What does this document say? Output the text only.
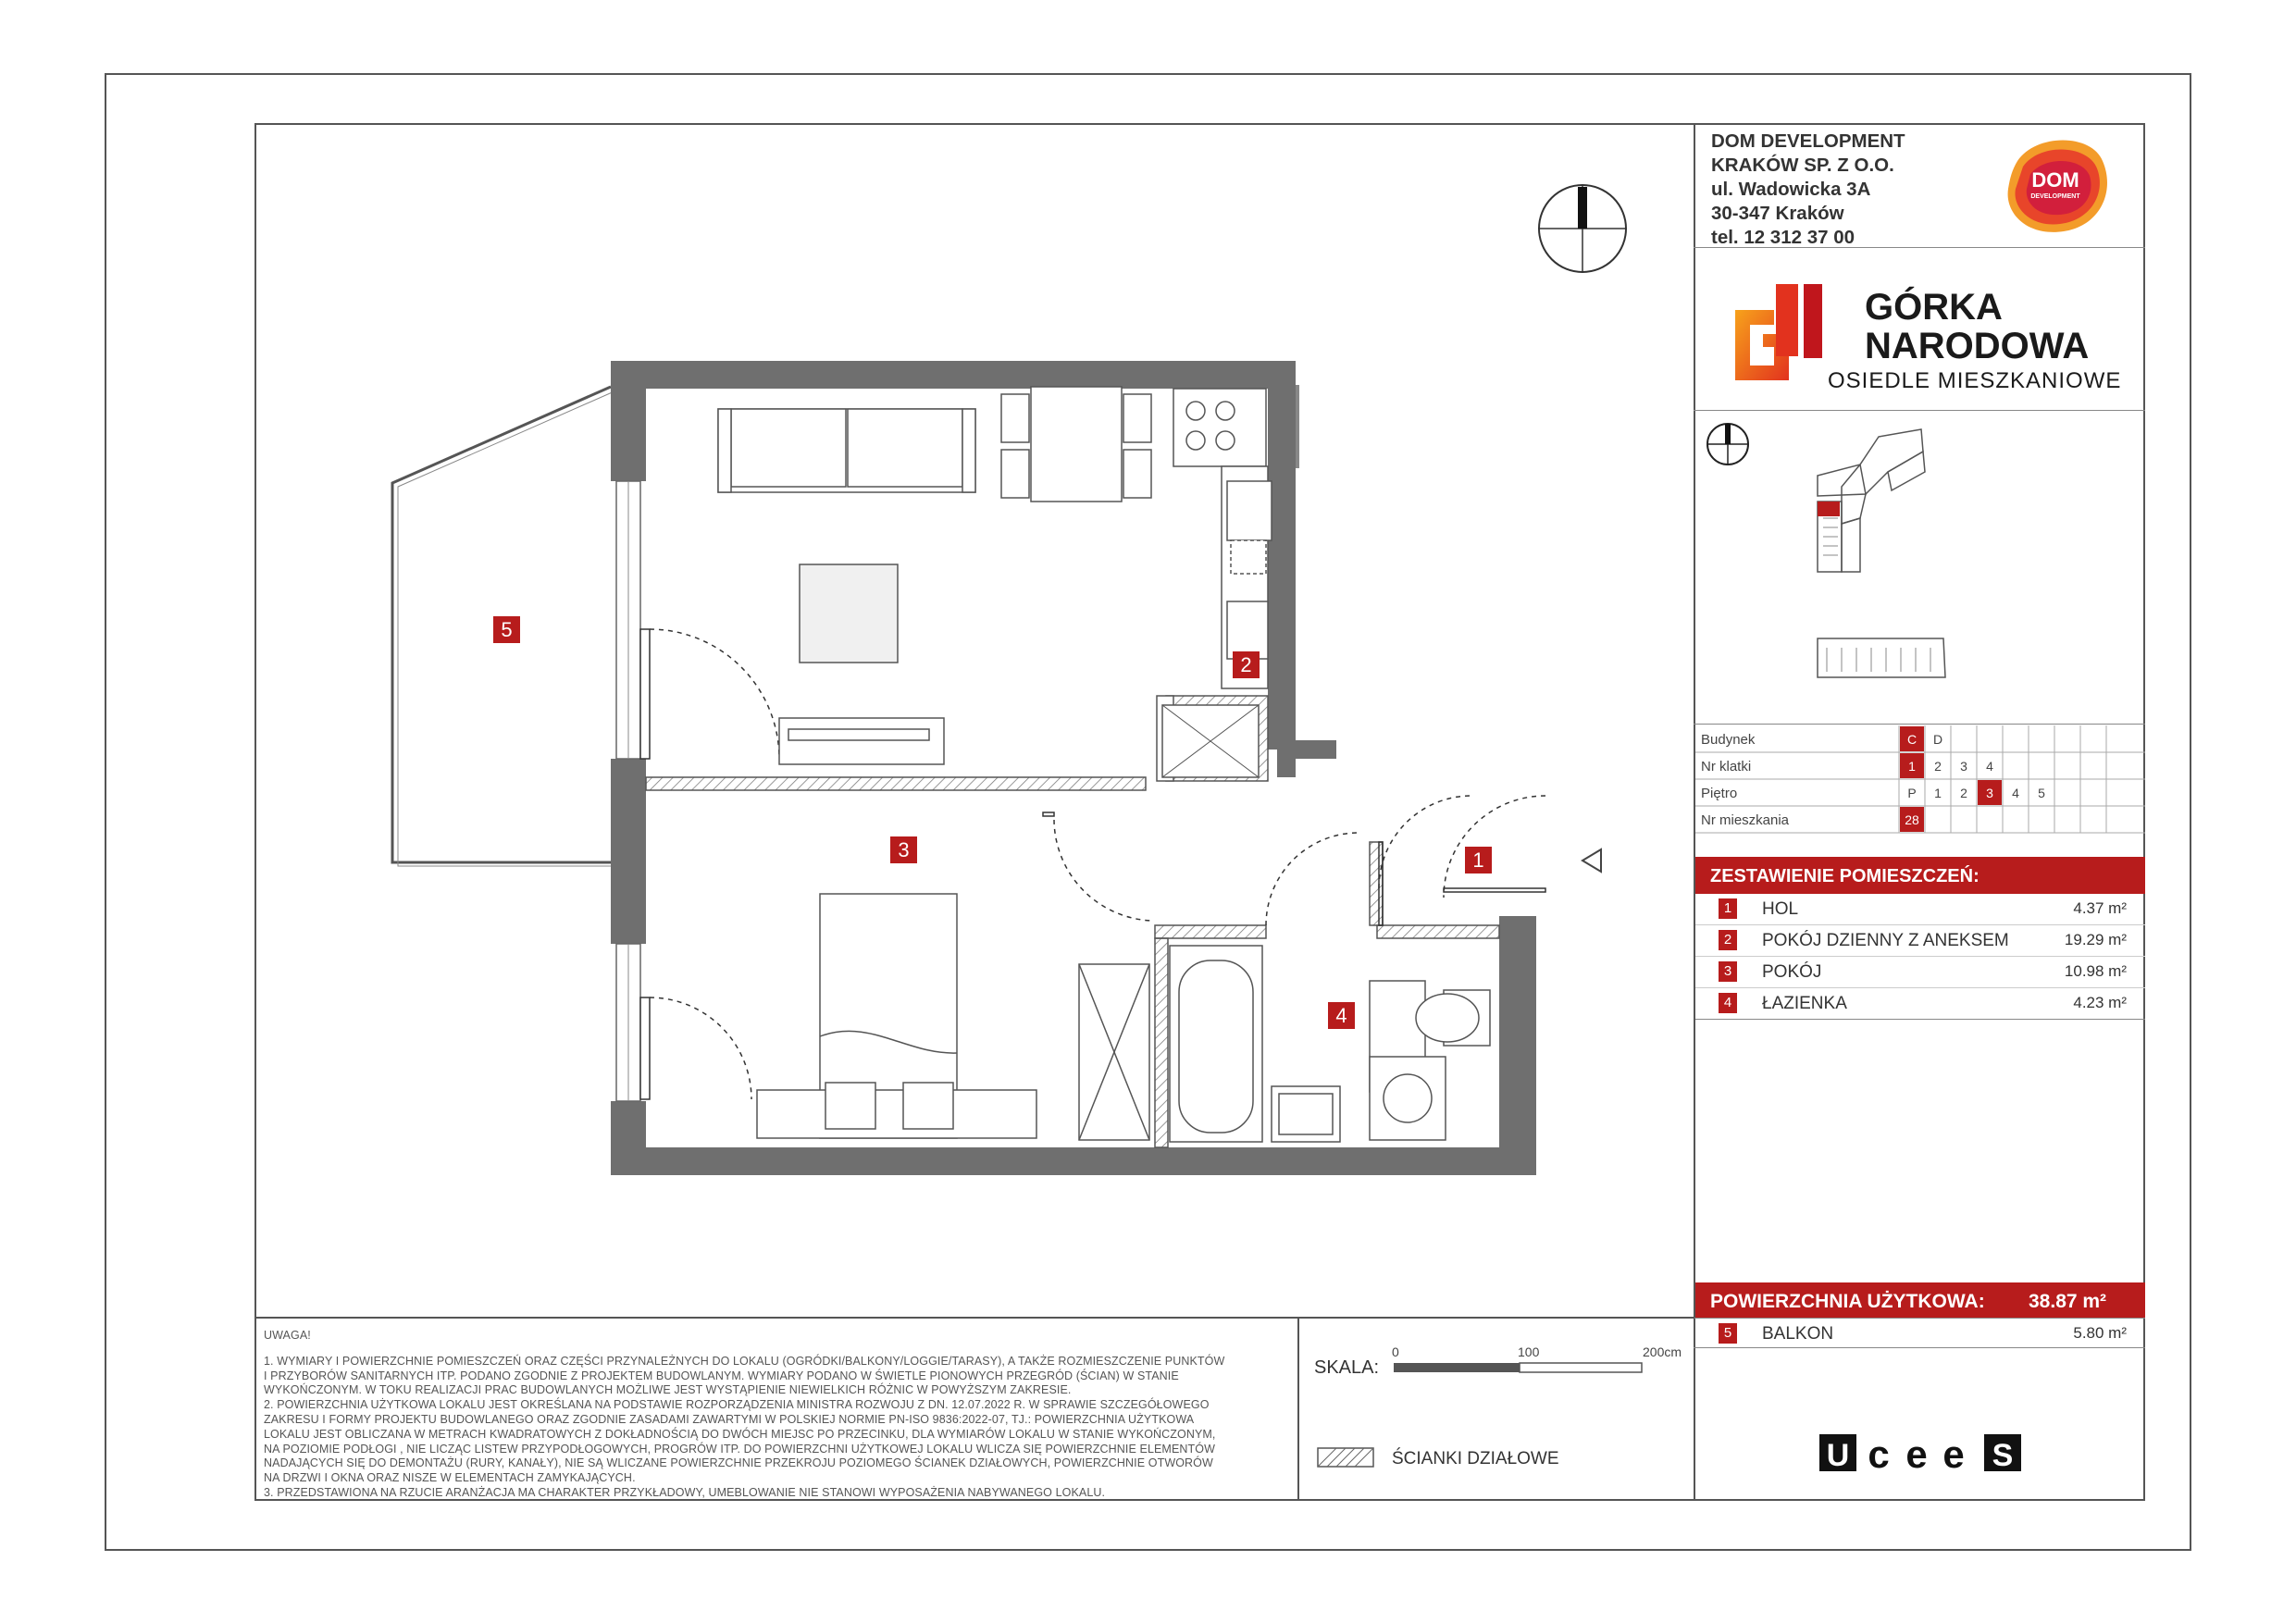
DOM DEVELOPMENT
KRAKÓW SP. Z O.O.
ul. Wadowicka 3A
30-347 Kraków
tel. 12 312 37 00
DOM
DEVELOPMENT
GÓRKA
NARODOWA
OSIEDLE MIESZKANIOWE
Budynek	C D
Nr klatki	1 2 3 4
Piętro	P 1 2 3 4 5
Nr mieszkania	28
ZESTAWIENIE POMIESZCZEŃ:
1	HOL	4.37 m²
2	POKÓJ DZIENNY Z ANEKSEM	19.29 m²
3	POKÓJ	10.98 m²
4	ŁAZIENKA	4.23 m²
POWIERZCHNIA UŻYTKOWA: 38.87 m²
5	BALKON	5.80 m²
U c e e S
UWAGA!
1. WYMIARY I POWIERZCHNIE POMIESZCZEŃ ORAZ CZĘŚCI PRZYNALEŻNYCH DO LOKALU (OGRÓDKI/BALKONY/LOGGIE/TARASY), A TAKŻE ROZMIESZCZENIE PUNKTÓW
I PRZYBORÓW SANITARNYCH ITP. PODANO ZGODNIE Z PROJEKTEM BUDOWLANYM. WYMIARY PODANO W ŚWIETLE PIONOWYCH PRZEGRÓD (ŚCIAN) W STANIE
WYKOŃCZONYM. W TOKU REALIZACJI PRAC BUDOWLANYCH MOŻLIWE JEST WYSTĄPIENIE NIEWIELKICH RÓŻNIC W POWYŻSZYM ZAKRESIE.
2. POWIERZCHNIA UŻYTKOWA LOKALU JEST OKREŚLANA NA PODSTAWIE ROZPORZĄDZENIA MINISTRA ROZWOJU Z DN. 12.07.2022 R. W SPRAWIE SZCZEGÓŁOWEGO
ZAKRESU I FORMY PROJEKTU BUDOWLANEGO ORAZ ZGODNIE ZASADAMI ZAWARTYMI W POLSKIEJ NORMIE PN-ISO 9836:2022-07, TJ.: POWIERZCHNIA UŻYTKOWA
LOKALU JEST OBLICZANA W METRACH KWADRATOWYCH Z DOKŁADNOŚCIĄ DO DWÓCH MIEJSC PO PRZECINKU, DLA WYMIARÓW LOKALU W STANIE WYKOŃCZONYM,
NA POZIOMIE PODŁOGI , NIE LICZĄC LISTEW PRZYPODŁOGOWYCH, PROGRÓW ITP. DO POWIERZCHNI UŻYTKOWEJ LOKALU WLICZA SIĘ POWIERZCHNIE ELEMENTÓW
NADAJĄCYCH SIĘ DO DEMONTAŻU (RURY, KANAŁY), NIE SĄ WLICZANE POWIERZCHNIE PRZEKROJU POZIOMEGO ŚCIANEK DZIAŁOWYCH, POWIERZCHNIE OTWORÓW
NA DRZWI I OKNA ORAZ NISZE W ELEMENTACH ZAMYKAJĄCYCH.
3. PRZEDSTAWIONA NA RZUCIE ARANŻACJA MA CHARAKTER PRZYKŁADOWY, UMEBLOWANIE NIE STANOWI WYPOSAŻENIA NABYWANEGO LOKALU.
SKALA:
0	100	200cm
ŚCIANKI DZIAŁOWE
1
2
3
4
5
